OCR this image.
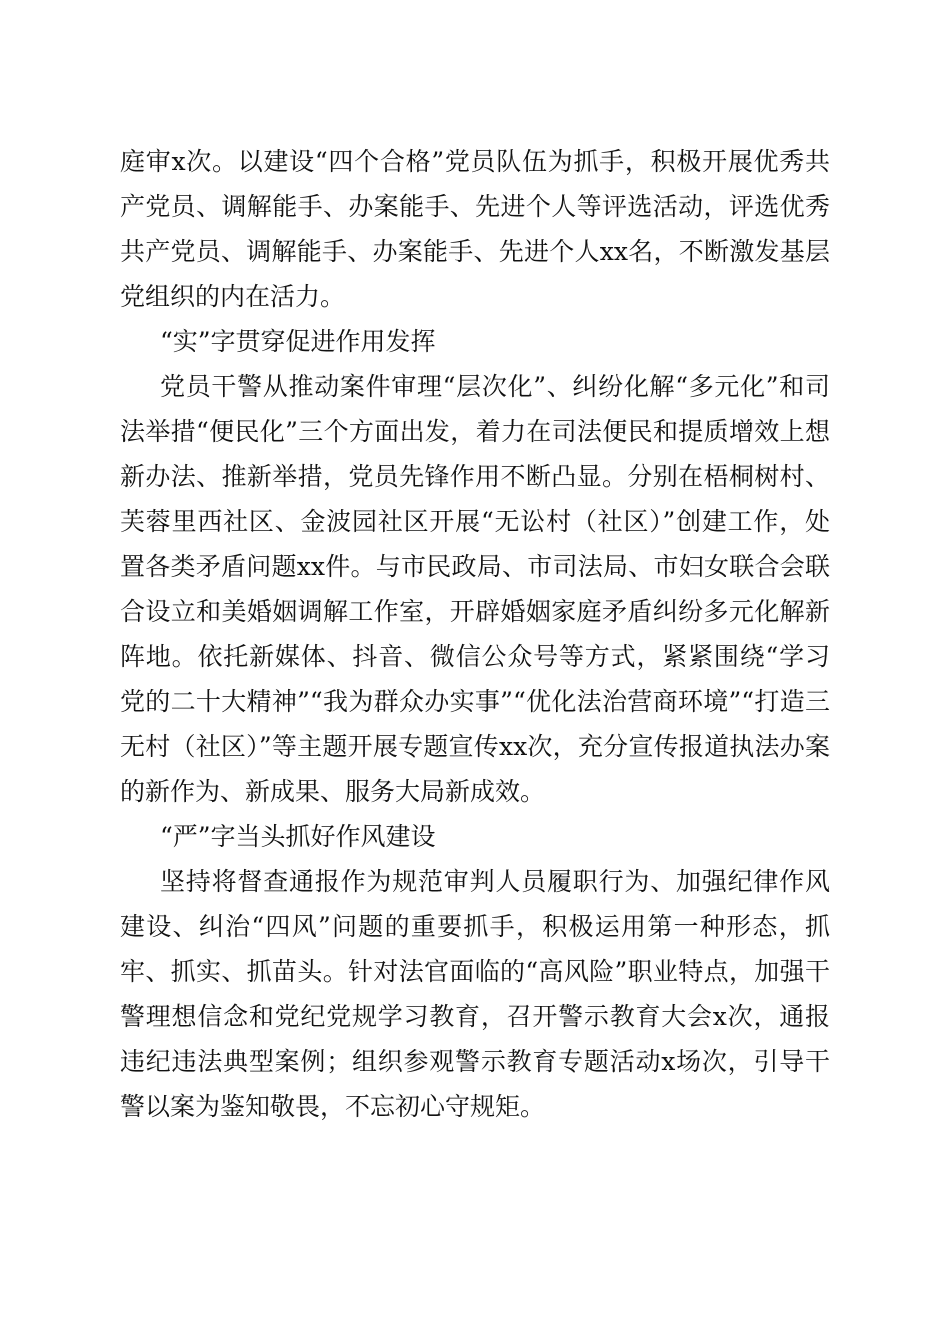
庭审x次。以建设“四个合格”党员队伍为抓手，积极开展优秀共产党员、调解能手、办案能手、先进个人等评选活动，评选优秀共产党员、调解能手、办案能手、先进个人xx名，不断激发基层党组织的内在活力。

“实”字贯穿促进作用发挥

党员干警从推动案件审理“层次化”、纠纷化解“多元化”和司法举措“便民化”三个方面出发，着力在司法便民和提质增效上想新办法、推新举措，党员先锋作用不断凸显。分别在梧桐树村、芙蓉里西社区、金波园社区开展“无讼村（社区）”创建工作，处置各类矛盾问题xx件。与市民政局、市司法局、市妇女联合会联合设立和美婚姻调解工作室，开辟婚姻家庭矛盾纠纷多元化解新阵地。依托新媒体、抖音、微信公众号等方式，紧紧围绕“学习党的二十大精神”“我为群众办实事”“优化法治营商环境”“打造三无村（社区）”等主题开展专题宣传xx次，充分宣传报道执法办案的新作为、新成果、服务大局新成效。

“严”字当头抓好作风建设

坚持将督查通报作为规范审判人员履职行为、加强纪律作风建设、纠治“四风”问题的重要抓手，积极运用第一种形态，抓牢、抓实、抓苗头。针对法官面临的“高风险”职业特点，加强干警理想信念和党纪党规学习教育，召开警示教育大会x次，通报违纪违法典型案例；组织参观警示教育专题活动x场次，引导干警以案为鉴知敬畏，不忘初心守规矩。
